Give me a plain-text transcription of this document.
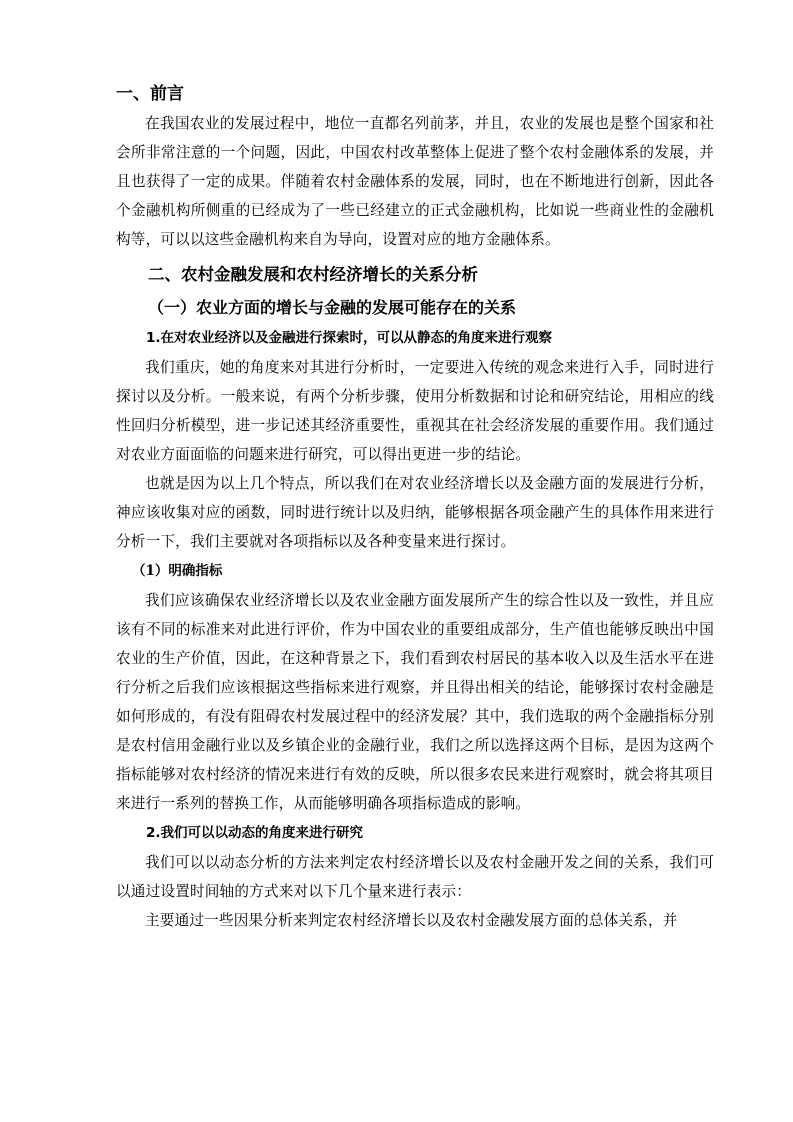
一、前言

在我国农业的发展过程中，地位一直都名列前茅，并且，农业的发展也是整个国家和社会所非常注意的一个问题，因此，中国农村改革整体上促进了整个农村金融体系的发展，并且也获得了一定的成果。伴随着农村金融体系的发展，同时，也在不断地进行创新，因此各个金融机构所侧重的已经成为了一些已经建立的正式金融机构，比如说一些商业性的金融机构等，可以以这些金融机构来自为导向，设置对应的地方金融体系。

二、农村金融发展和农村经济增长的关系分析
（一）农业方面的增长与金融的发展可能存在的关系
1.在对农业经济以及金融进行探索时，可以从静态的角度来进行观察

我们重庆，她的角度来对其进行分析时，一定要进入传统的观念来进行入手，同时进行探讨以及分析。一般来说，有两个分析步骤，使用分析数据和讨论和研究结论，用相应的线性回归分析模型，进一步记述其经济重要性，重视其在社会经济发展的重要作用。我们通过对农业方面面临的问题来进行研究，可以得出更进一步的结论。

也就是因为以上几个特点，所以我们在对农业经济增长以及金融方面的发展进行分析，神应该收集对应的函数，同时进行统计以及归纳，能够根据各项金融产生的具体作用来进行分析一下，我们主要就对各项指标以及各种变量来进行探讨。

（1）明确指标

我们应该确保农业经济增长以及农业金融方面发展所产生的综合性以及一致性，并且应该有不同的标准来对此进行评价，作为中国农业的重要组成部分，生产值也能够反映出中国农业的生产价值，因此，在这种背景之下，我们看到农村居民的基本收入以及生活水平在进行分析之后我们应该根据这些指标来进行观察，并且得出相关的结论，能够探讨农村金融是如何形成的，有没有阻碍农村发展过程中的经济发展？其中，我们选取的两个金融指标分别是农村信用金融行业以及乡镇企业的金融行业，我们之所以选择这两个目标，是因为这两个指标能够对农村经济的情况来进行有效的反映，所以很多农民来进行观察时，就会将其项目来进行一系列的替换工作，从而能够明确各项指标造成的影响。

2.我们可以以动态的角度来进行研究

我们可以以动态分析的方法来判定农村经济增长以及农村金融开发之间的关系，我们可以通过设置时间轴的方式来对以下几个量来进行表示：

主要通过一些因果分析来判定农村经济增长以及农村金融发展方面的总体关系，并
